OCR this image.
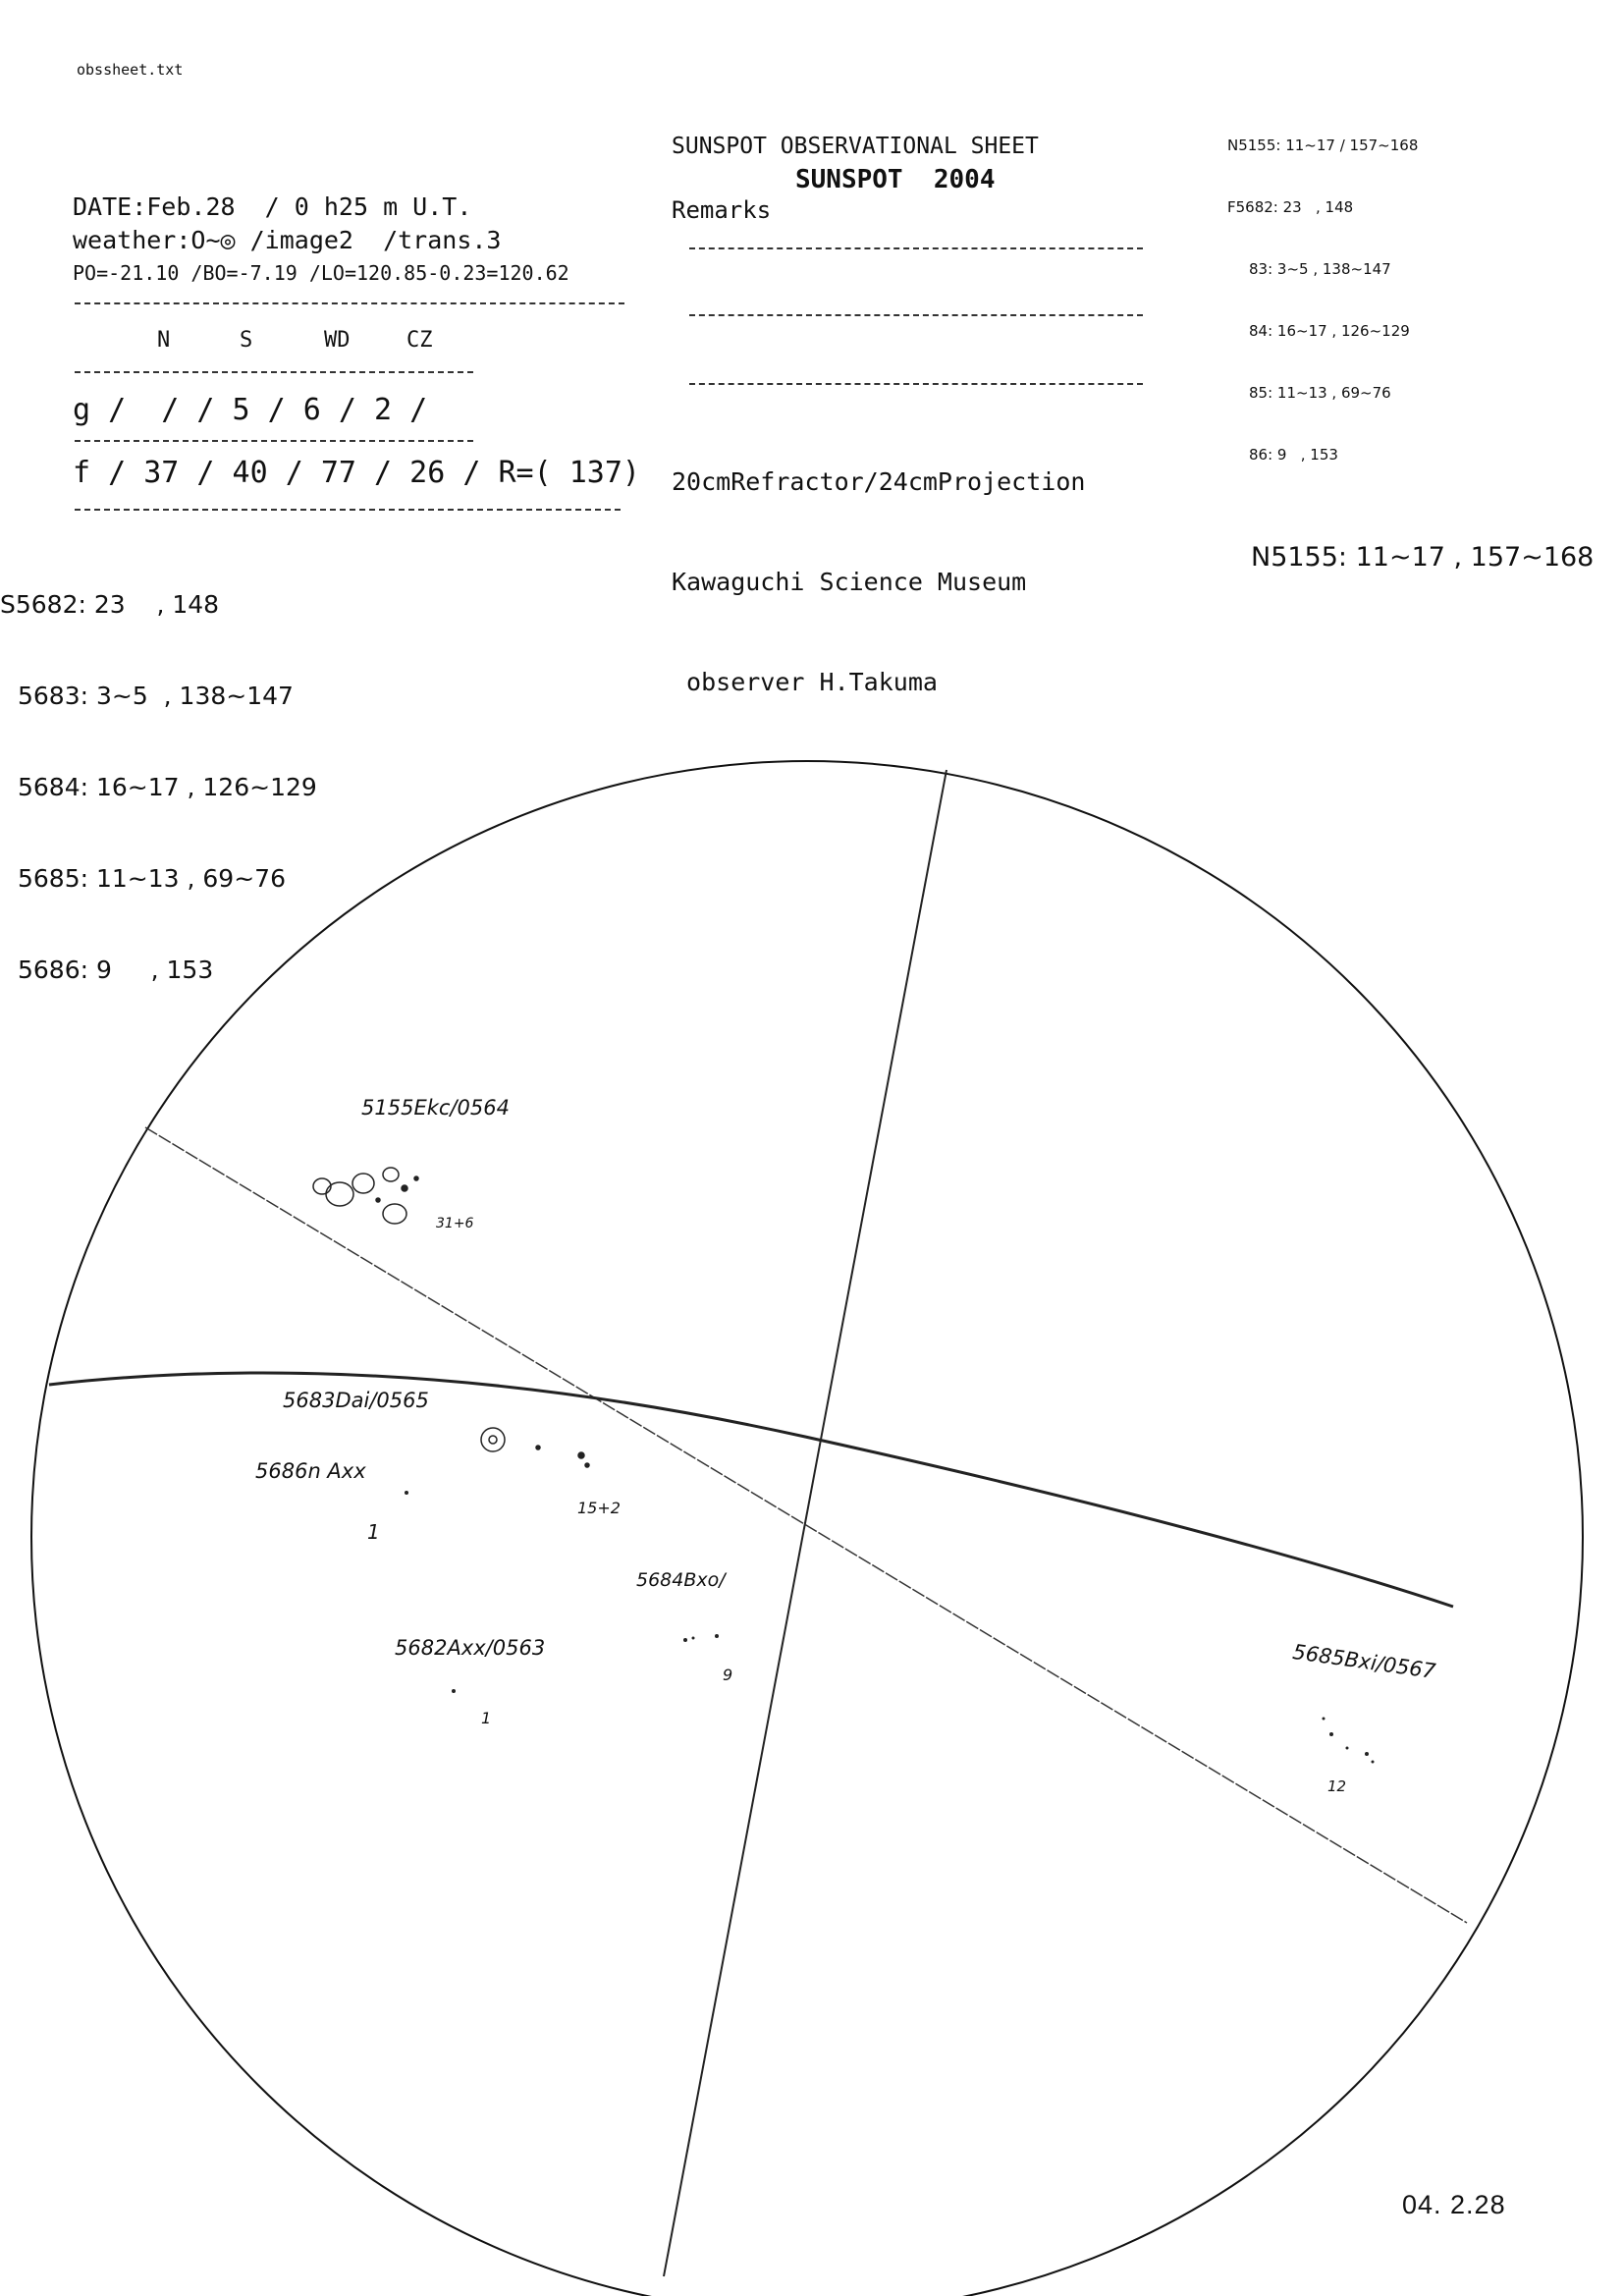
obssheet.txt
SUNSPOT OBSERVATIONAL SHEET
SUNSPOT  2004
Remarks

20cmRefractor/24cmProjection

Kawaguchi Science Museum

observer H.Takuma

DATE:Feb.28  / 0 h25 m U.T.
weather:O~◎ /image2  /trans.3
PO=-21.10 /BO=-7.19 /LO=120.85-0.23=120.62
N	S	WD	CZ
g /  / / 5 / 6 / 2 /
f / 37 / 40 / 77 / 26 / R=( 137)

S5682: 23    , 148

5683: 3~5  , 138~147

5684: 16~17 , 126~129

5685: 11~13 , 69~76

5686: 9     , 153

N5155: 11~17 / 157~168

F5682: 23   , 148

83: 3~5 , 138~147

84: 16~17 , 126~129

85: 11~13 , 69~76

86: 9   , 153

N5155: 11~17 , 157~168
5155Ekc/0564
31+6
5683Dai/0565
15+2
5686n Axx
1
5684Bxo/
9
5682Axx/0563
1
5685Bxi/0567
12
04. 2.28
